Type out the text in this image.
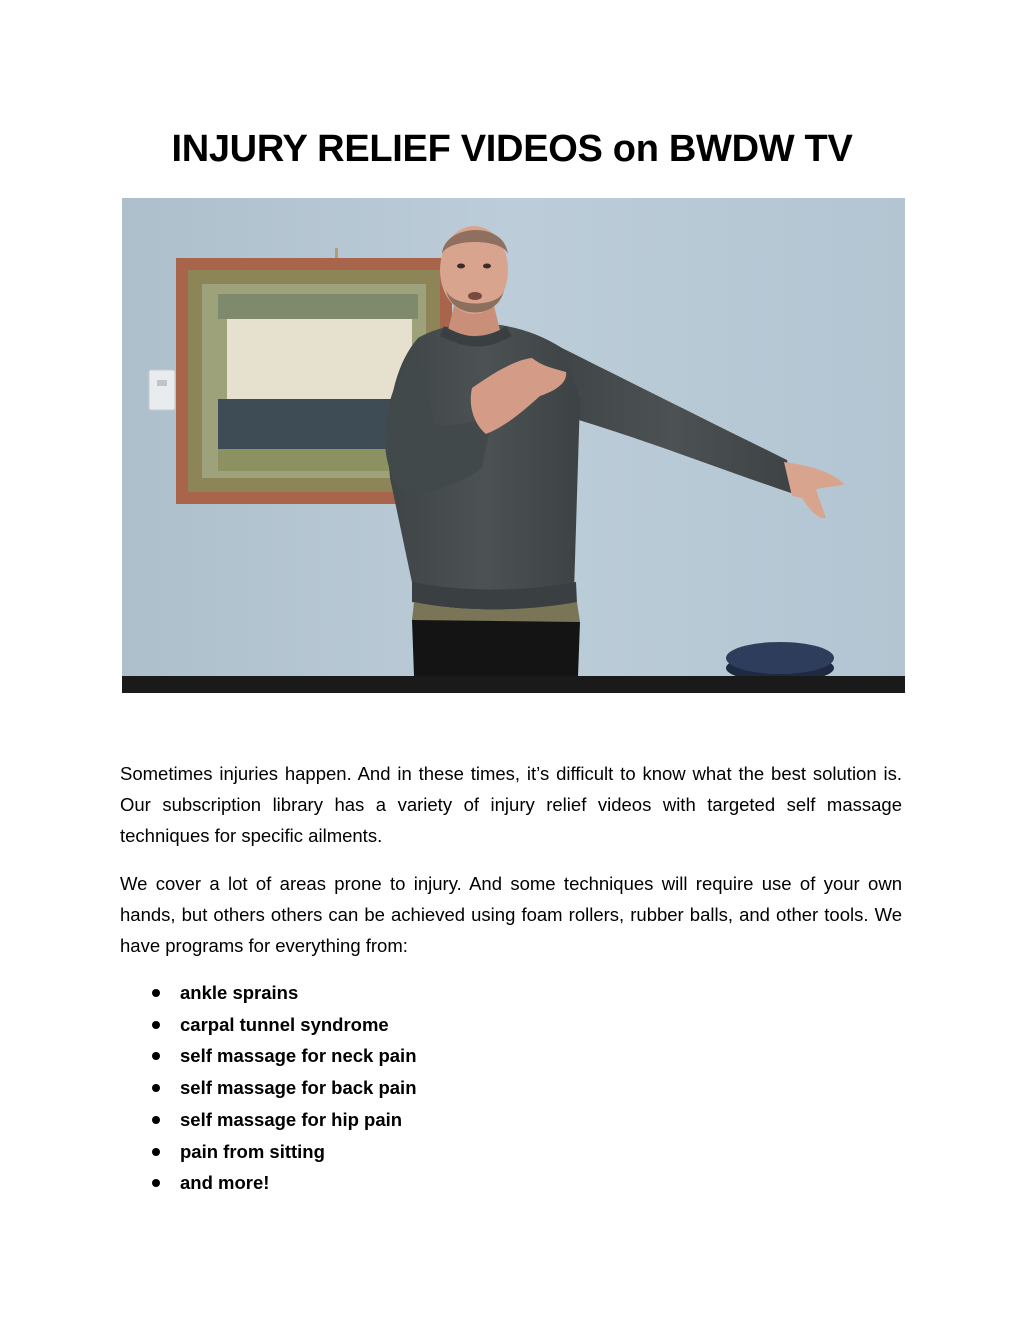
INJURY RELIEF VIDEOS on BWDW TV

Sometimes injuries happen. And in these times, it’s difficult to know what the best solution is. Our subscription library has a variety of injury relief videos with targeted self massage techniques for specific ailments.

We cover a lot of areas prone to injury. And some techniques will require use of your own hands, but others others can be achieved using foam rollers, rubber balls, and other tools. We have programs for everything from:

ankle sprains
carpal tunnel syndrome
self massage for neck pain
self massage for back pain
self massage for hip pain
pain from sitting
and more!
